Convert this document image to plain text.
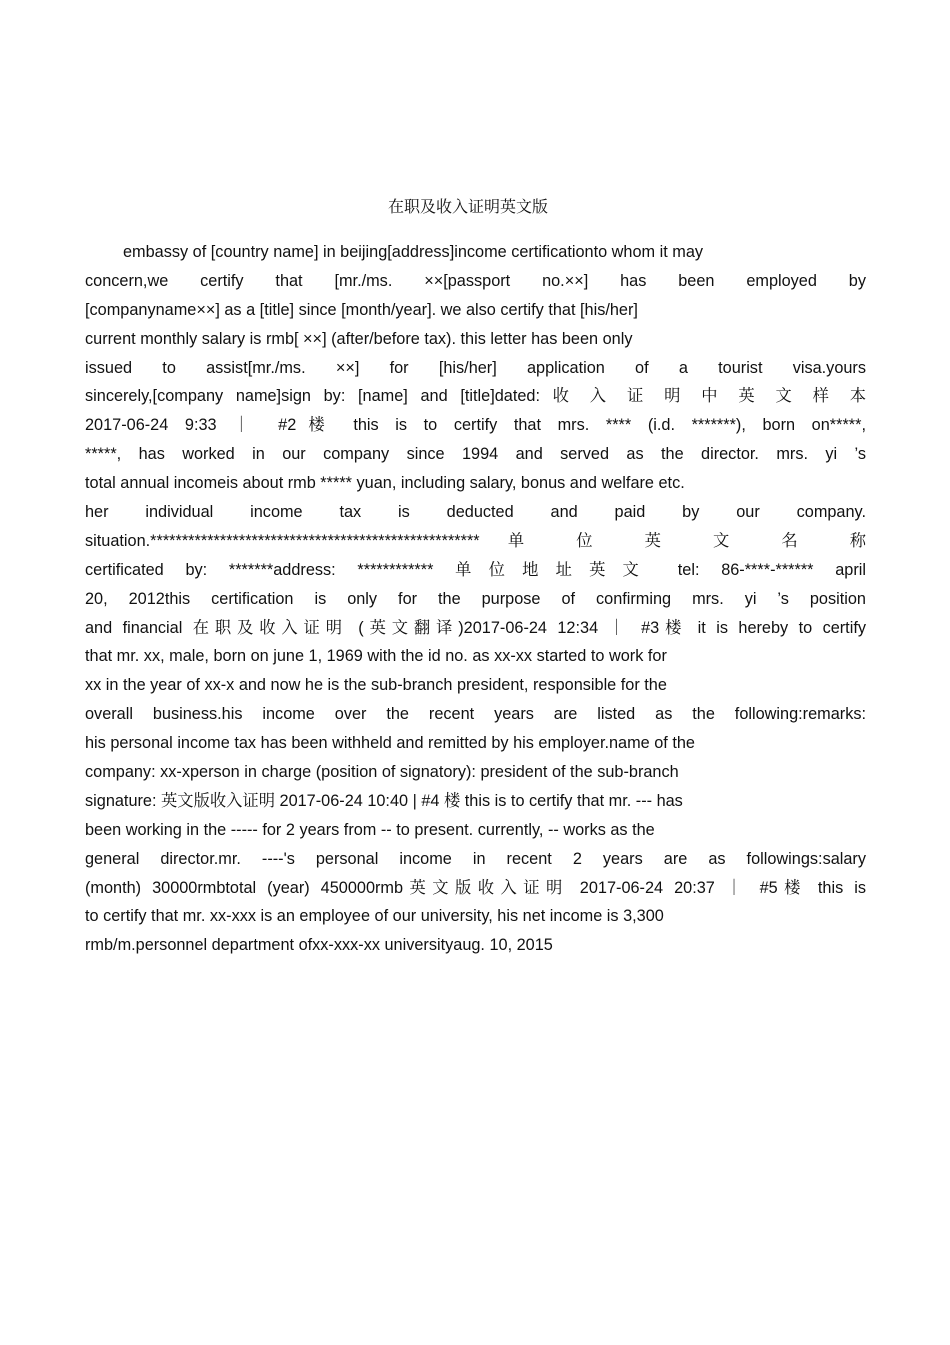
在职及收入证明英文版
embassy of [country name] in beijing[address]income certificationto whom it may
concern,we certify that [mr./ms. ××[passport no.××] has been employed by
[companyname××] as a [title] since [month/year]. we also certify that [his/her]
current monthly salary is rmb[ ××] (after/before tax). this letter has been only
issued to assist[mr./ms. ××] for [his/her] application of a tourist visa.yours
sincerely,[company name]sign by: [name] and [title]dated: 收 入 证 明 中 英 文 样 本
2017-06-24 9:33 ｜ #2楼 this is to certify that mrs. **** (i.d. *******), born on*****,
*****, has worked in our company since 1994 and served as the director. mrs. yi ’s
total annual incomeis about rmb ***** yuan, including salary, bonus and welfare etc.
her individual income tax is deducted and paid by our company.
situation.**************************************************** 单 位 英 文 名 称
certificated by: *******address: ************ 单位地址英文 tel: 86-****-****** april
20, 2012this certification is only for the purpose of confirming mrs. yi ’s position
and financial 在职及收入证明 (英文翻译)2017-06-24 12:34 ｜ #3楼 it is hereby to certify
that mr. xx, male, born on june 1, 1969 with the id no. as xx-xx started to work for
xx in the year of xx-x and now he is the sub-branch president, responsible for the
overall business.his income over the recent years are listed as the following:remarks:
his personal income tax has been withheld and remitted by his employer.name of the
company: xx-xperson in charge (position of signatory): president of the sub-branch
signature: 英文版收入证明 2017-06-24 10:40 | #4 楼 this is to certify that mr. --- has
been working in the ----- for 2 years from -- to present. currently, -- works as the
general director.mr. ----'s personal income in recent 2 years are as followings:salary
(month) 30000rmbtotal (year) 450000rmb英文版收入证明 2017-06-24 20:37 ｜ #5楼 this is
to certify that mr. xx-xxx is an employee of our university, his net income is 3,300
rmb/m.personnel department ofxx-xxx-xx universityaug. 10, 2015
